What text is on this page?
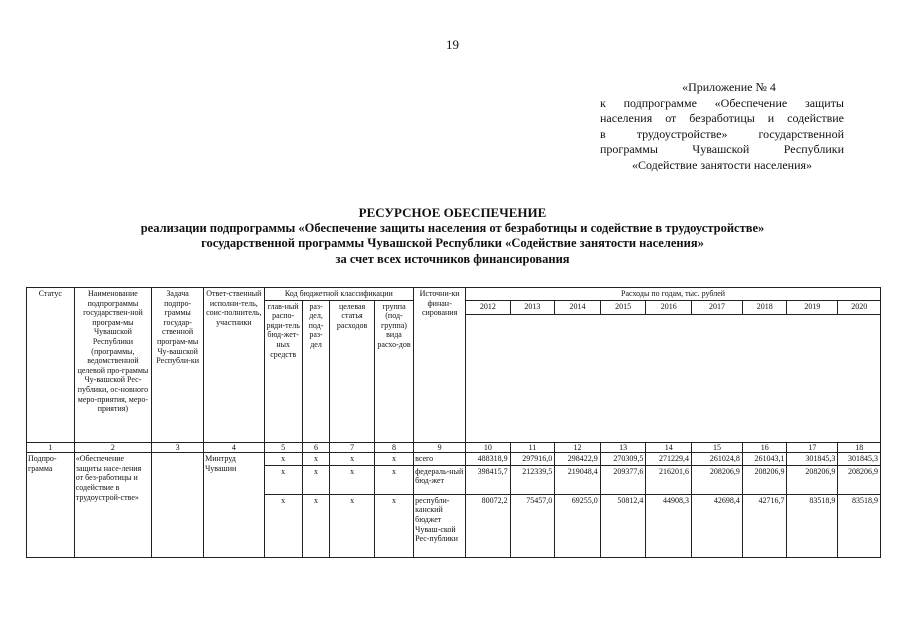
19
«Приложение № 4
к подпрограмме «Обеспечение защиты
населения от безработицы и содействие
в трудоустройстве» государственной
программы Чувашской Республики
«Содействие занятости населения»
РЕСУРСНОЕ ОБЕСПЕЧЕНИЕ
реализации подпрограммы «Обеспечение защиты населения от безработицы и содействие в трудоустройстве»
государственной программы Чувашской Республики «Содействие занятости населения»
за счет всех источников финансирования
Статус	Наименование подпрограммы государствен-ной програм-мы Чувашской Республики (программы, ведомственной целевой про-граммы Чу-вашской Рес-публики, ос-новного меро-приятия, меро-приятия)	Задача подпро-граммы государ-ственной програм-мы Чу-вашской Республи-ки	Ответ-ственный исполни-тель, соис-полнитель, участники	Код бюджетной классификации				Источни-ки финан-сирования	Расходы по годам, тыс. рублей								
				глав-ный распо-ряди-тель бюд-жет-ных средств	раз-дел, под-раз-дел	целевая статья расходов	группа (под-группа) вида расхо-дов		2012	2013	2014	2015	2016	2017	2018	2019	2020

1	2	3	4	5	6	7	8	9	10	11	12	13	14	15	16	17	18
Подпро-грамма	«Обеспечение защиты насе-ления от без-работицы и содействие в трудоустрой-стве»		Минтруд Чувашии	x	x	x	x	всего	488318,9	297916,0	298422,9	270309,5	271229,4	261024,8	261043,1	301845,3	301845,3
				x	x	x	x	федераль-ный бюд-жет	398415,7	212339,5	219048,4	209377,6	216201,6	208206,9	208206,9	208206,9	208206,9
				x	x	x	x	республи-канский бюджет Чуваш-ской Рес-публики	80072,2	75457,0	69255,0	50812,4	44908,3	42698,4	42716,7	83518,9	83518,9
